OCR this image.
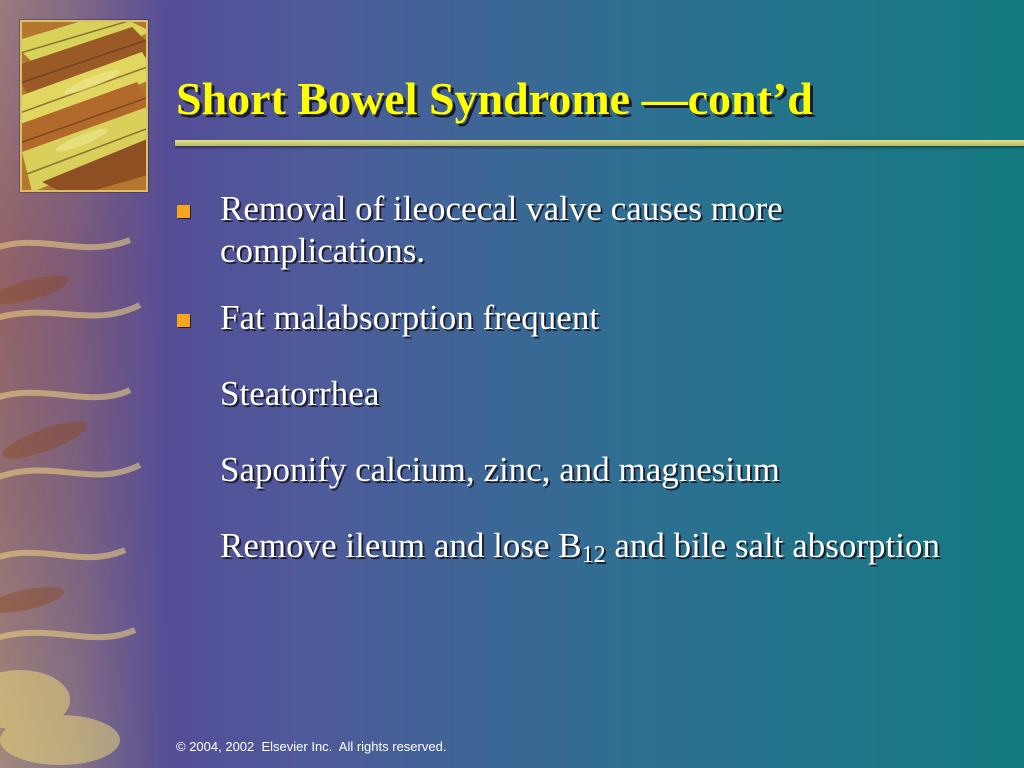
Short Bowel Syndrome —cont’d
Removal of ileocecal valve causes more complications.
Fat malabsorption frequent
Steatorrhea
Saponify calcium, zinc, and magnesium
Remove ileum and lose $B_{12}$ and bile salt absorption
© 2004, 2002  Elsevier Inc.  All rights reserved.
